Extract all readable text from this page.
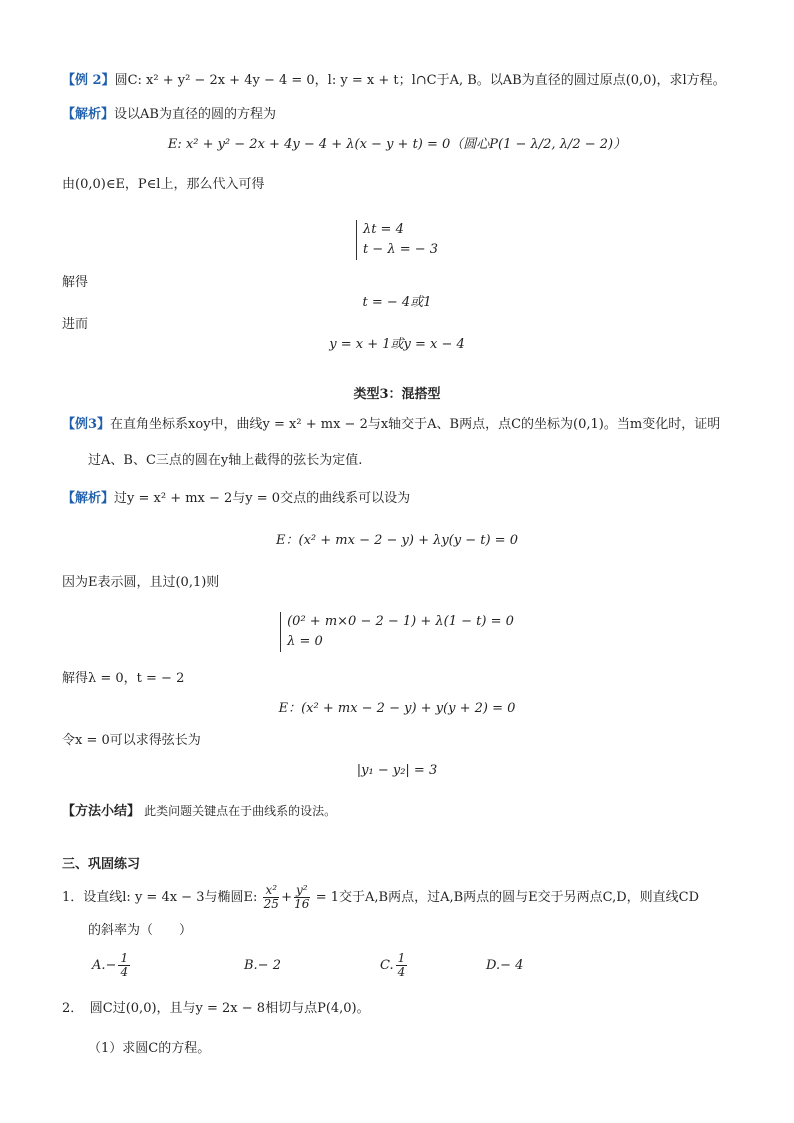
【例 2】圆C: x² + y² − 2x + 4y − 4 = 0，l: y = x + t；l∩C于A, B。以AB为直径的圆过原点(0,0)，求l方程。
【解析】设以AB为直径的圆的方程为
E: x² + y² − 2x + 4y − 4 + λ(x − y + t) = 0（圆心P(1 − λ/2, λ/2 − 2)）
由(0,0)∈E，P∈l上，那么代入可得
λt = 4
t − λ = − 3
解得
t = − 4或1
进而
y = x + 1或y = x − 4
类型3：混搭型
【例3】在直角坐标系xoy中，曲线y = x² + mx − 2与x轴交于A、B两点，点C的坐标为(0,1)。当m变化时，证明
过A、B、C三点的圆在y轴上截得的弦长为定值.
【解析】过y = x² + mx − 2与y = 0交点的曲线系可以设为
E：(x² + mx − 2 − y) + λy(y − t) = 0
因为E表示圆，且过(0,1)则
(0² + m×0 − 2 − 1) + λ(1 − t) = 0
λ = 0
解得λ = 0，t = − 2
E：(x² + mx − 2 − y) + y(y + 2) = 0
令x = 0可以求得弦长为
|y₁ − y₂| = 3
【方法小结】 此类问题关键点在于曲线系的设法。
三、巩固练习
1．设直线l: y = 4x − 3与椭圆E: $\frac{\text{x²}}{25} + \frac{\text{y²}}{16} = 1$交于A,B两点，过A,B两点的圆与E交于另两点C,D，则直线CD
的斜率为（　　）
$A.- \frac{1}{4}$	B.− 2	C. $\frac{1}{4}$	D.− 4
2．　圆C过(0,0)，且与y = 2x − 8相切与点P(4,0)。
（1）求圆C的方程。
